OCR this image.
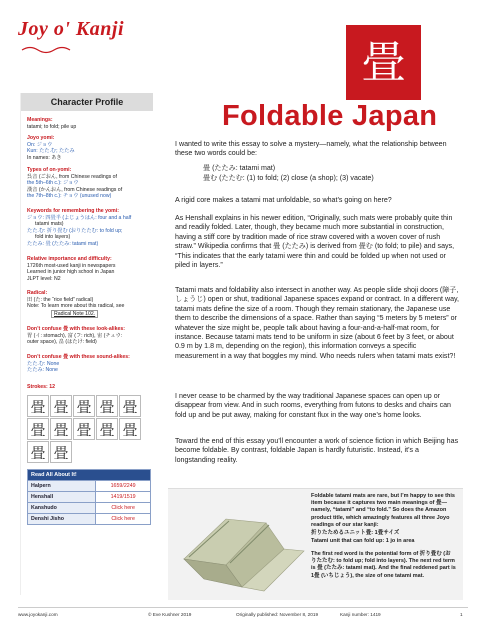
Joy o' Kanji
畳
Character Profile
Meanings:
tatami; to fold; pile up
Joyo yomi:
On: ジョウ
Kun: たた.む; たたみ
In names: あき
Types of on-yomi:
呉音 (ごおん, from Chinese readings of
the 5th–6th c.): ジョウ
漢音 (かんおん, from Chinese readings of
the 7th–8th c.): チョウ (unused now)
Keywords for remembering the yomi:
ジョウ: 四畳半 (よじょうはん: four and a half
tatami mats)
たた.む: 折り畳む (おりたたむ: to fold up;
fold into layers)
たたみ: 畳 (たたみ: tatami mat)
Relative importance and difficulty:
1726th most-used kanji in newspapers
Learned in junior high school in Japan
JLPT level: N2
Radical:
田 (た: the “rice field” radical)
Note: To learn more about this radical, see
Radical Note 102.
Don’t confuse 畳 with these look-alikes:
胃 (イ: stomach), 富 (フ: rich), 宙 (チュウ:
outer space), 畠 (はたけ: field)
Don’t confuse 畳 with these sound-alikes:
たた.む: None
たたみ: None
Strokes: 12
畳 畳 畳 畳 畳畳 畳 畳 畳 畳畳 畳
Read All About It!	
Halpern	1659/2249
Henshall	1419/1519
Kanshudo	Click here
Denshi Jisho	Click here
Foldable Japan
I wanted to write this essay to solve a mystery—namely, what the relationship between these two words could be:
畳 (たたみ: tatami mat)
畳む (たたむ: (1) to fold; (2) close (a shop); (3) vacate)
A rigid core makes a tatami mat unfoldable, so what’s going on here?
As Henshall explains in his newer edition, “Originally, such mats were probably quite thin and readily folded. Later, though, they became much more substantial in construction, having a stiff core by tradition made of rice straw covered with a woven cover of rush straw.” Wikipedia confirms that 畳 (たたみ) is derived from 畳む (to fold; to pile) and says, “This indicates that the early tatami were thin and could be folded up when not used or piled in layers.”
Tatami mats and foldability also intersect in another way. As people slide shoji doors (障子, しょうじ) open or shut, traditional Japanese spaces expand or contract. In a different way, tatami mats define the size of a room. Though they remain stationary, the Japanese use them to describe the dimensions of a space. Rather than saying “5 meters by 5 meters” or whatever the size might be, people talk about having a four-and-a-half-mat room, for instance. Because tatami mats tend to be uniform in size (about 6 feet by 3 feet, or about 0.9 m by 1.8 m, depending on the region), this information conveys a specific measurement in a way that boggles my mind. Who needs rulers when tatami mats exist?!
I never cease to be charmed by the way traditional Japanese spaces can open up or disappear from view. And in such rooms, everything from futons to desks and chairs can fold up and be put away, making for constant flux in the way one’s home looks.
Toward the end of this essay you’ll encounter a work of science fiction in which Beijing has become foldable. By contrast, foldable Japan is hardly futuristic. Instead, it’s a longstanding reality.
Foldable tatami mats are rare, but I’m happy to see this item because it captures two main meanings of 畳—namely, “tatami” and “to fold.” So does the Amazon product title, which amazingly features all three Joyo readings of our star kanji:
折りたためるユニット畳: 1畳サイズ
Tatami unit that can fold up: 1 jo in area
The first red word is the potential form of 折り畳む (おりたたむ: to fold up; fold into layers). The next red term is 畳 (たたみ: tatami mat). And the final reddened part is 1畳 (いちじょう), the size of one tatami mat.
www.joyokanji.com	© Eve Kushner 2019	Originally published: November 8, 2019	Kanji number: 1419	1
